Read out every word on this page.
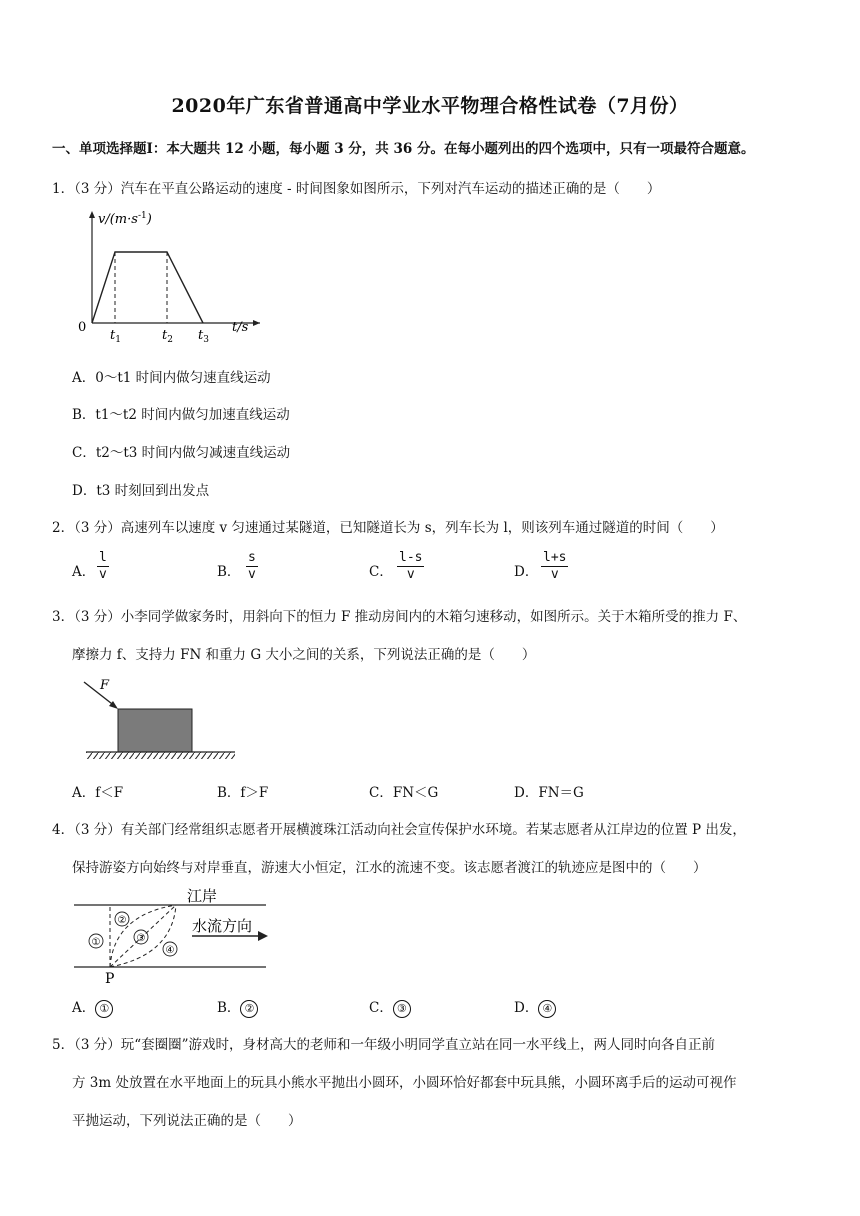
2020年广东省普通高中学业水平物理合格性试卷（7月份）
一、单项选择题Ⅰ：本大题共 12 小题，每小题 3 分，共 36 分。在每小题列出的四个选项中，只有一项最符合题意。
1．（3 分）汽车在平直公路运动的速度 - 时间图象如图所示，下列对汽车运动的描述正确的是（　　）
$v/(m\cdot s^{-1})$
0
$t_1$	$t_2$ $t_3$
t/s
A．0～t1 时间内做匀速直线运动
B．t1～t2 时间内做匀加速直线运动
C．t2～t3 时间内做匀减速直线运动
D．t3 时刻回到出发点
2．（3 分）高速列车以速度 v 匀速通过某隧道，已知隧道长为 s，列车长为 l，则该列车通过隧道的时间（　　）
A． $\frac{l}{v}$	B． $\frac{s}{v}$	C． $\frac{l-s}{v}$	D． $\frac{l+s}{v}$
3．（3 分）小李同学做家务时，用斜向下的恒力 F 推动房间内的木箱匀速移动，如图所示。关于木箱所受的推力 F、
摩擦力 f、支持力 FN 和重力 G 大小之间的关系，下列说法正确的是（　　）
F
A．f＜F	B．f＞F	C．FN＜G	D．FN＝G
4．（3 分）有关部门经常组织志愿者开展横渡珠江活动向社会宣传保护水环境。若某志愿者从江岸边的位置 P 出发，
保持游姿方向始终与对岸垂直，游速大小恒定，江水的流速不变。该志愿者渡江的轨迹应是图中的（　　）
江岸
水流方向
①
②
③
④
P
A． ①	B． ②	C． ③	D． ④
5．（3 分）玩“套圈圈”游戏时，身材高大的老师和一年级小明同学直立站在同一水平线上，两人同时向各自正前
方 3m 处放置在水平地面上的玩具小熊水平抛出小圆环，小圆环恰好都套中玩具熊，小圆环离手后的运动可视作
平抛运动，下列说法正确的是（　　）
